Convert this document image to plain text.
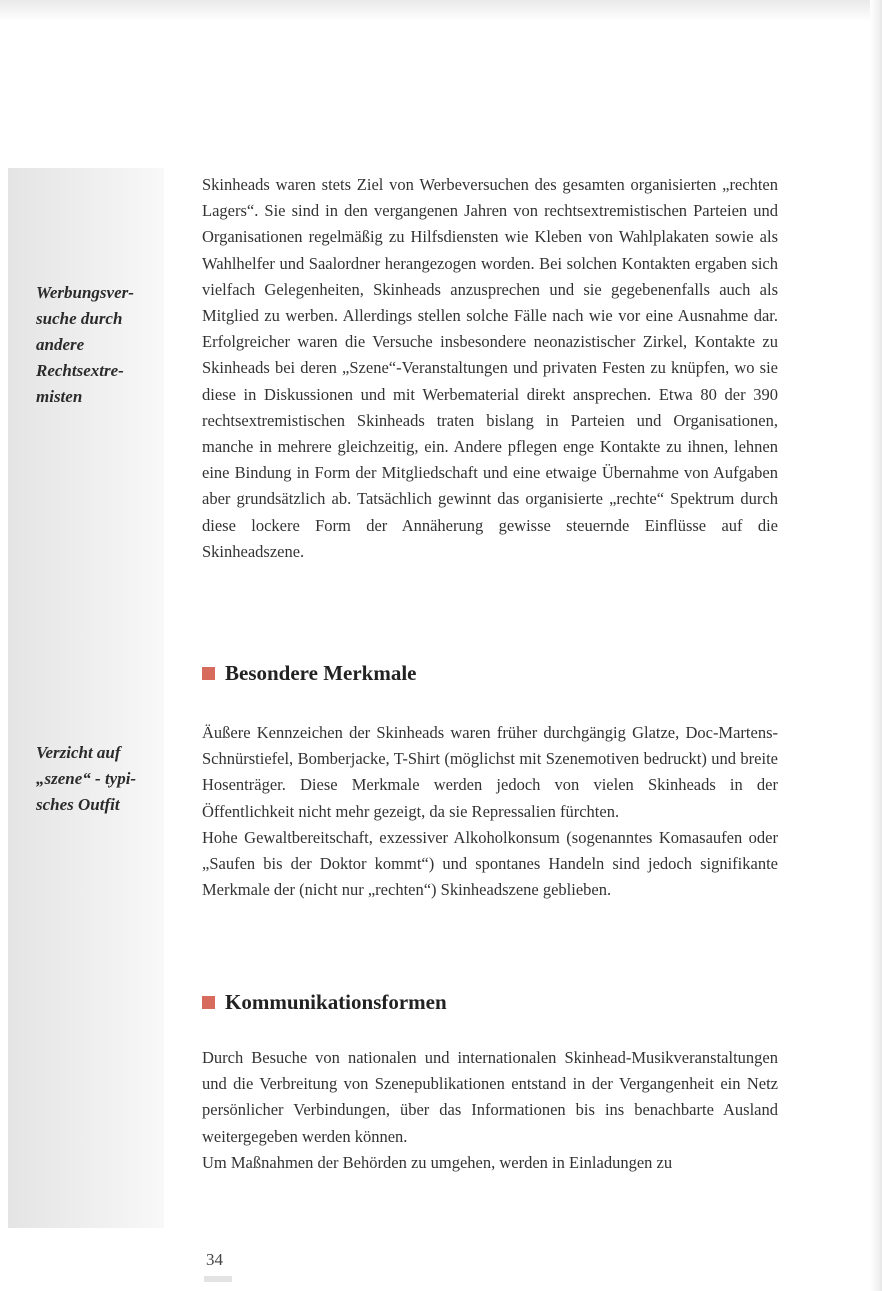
Werbungsver-
suche durch
andere
Rechtsextre-
misten
Verzicht auf
„szene“ - typi-
sches Outfit

Skinheads waren stets Ziel von Werbeversuchen des gesamten organisierten „rechten Lagers“. Sie sind in den vergangenen Jahren von rechtsextremistischen Parteien und Organisationen regelmäßig zu Hilfsdiensten wie Kleben von Wahlplakaten sowie als Wahlhelfer und Saalordner herangezogen worden. Bei solchen Kontakten ergaben sich vielfach Gelegenheiten, Skinheads anzusprechen und sie gegebenenfalls auch als Mitglied zu werben. Allerdings stellen solche Fälle nach wie vor eine Ausnahme dar. Erfolgreicher waren die Versuche insbesondere neonazistischer Zirkel, Kontakte zu Skinheads bei deren „Szene“-Veranstaltungen und privaten Festen zu knüpfen, wo sie diese in Diskussionen und mit Werbematerial direkt ansprechen. Etwa 80 der 390 rechtsextremistischen Skinheads traten bislang in Parteien und Organisationen, manche in mehrere gleichzeitig, ein. Andere pflegen enge Kontakte zu ihnen, lehnen eine Bindung in Form der Mitgliedschaft und eine etwaige Übernahme von Aufgaben aber grundsätzlich ab. Tatsächlich gewinnt das organisierte „rechte“ Spektrum durch diese lockere Form der Annäherung gewisse steuernde Einflüsse auf die Skinheadszene.

Besondere Merkmale

Äußere Kennzeichen der Skinheads waren früher durchgängig Glatze, Doc-Martens-Schnürstiefel, Bomberjacke, T-Shirt (möglichst mit Szenemotiven bedruckt) und breite Hosenträger. Diese Merkmale werden jedoch von vielen Skinheads in der Öffentlichkeit nicht mehr gezeigt, da sie Repressalien fürchten.

Hohe Gewaltbereitschaft, exzessiver Alkoholkonsum (sogenanntes Komasaufen oder „Saufen bis der Doktor kommt“) und spontanes Handeln sind jedoch signifikante Merkmale der (nicht nur „rechten“) Skinheadszene geblieben.

Kommunikationsformen

Durch Besuche von nationalen und internationalen Skinhead-Musikveranstaltungen und die Verbreitung von Szenepublikationen entstand in der Vergangenheit ein Netz persönlicher Verbindungen, über das Informationen bis ins benachbarte Ausland weitergegeben werden können.

Um Maßnahmen der Behörden zu umgehen, werden in Einladungen zu

34
